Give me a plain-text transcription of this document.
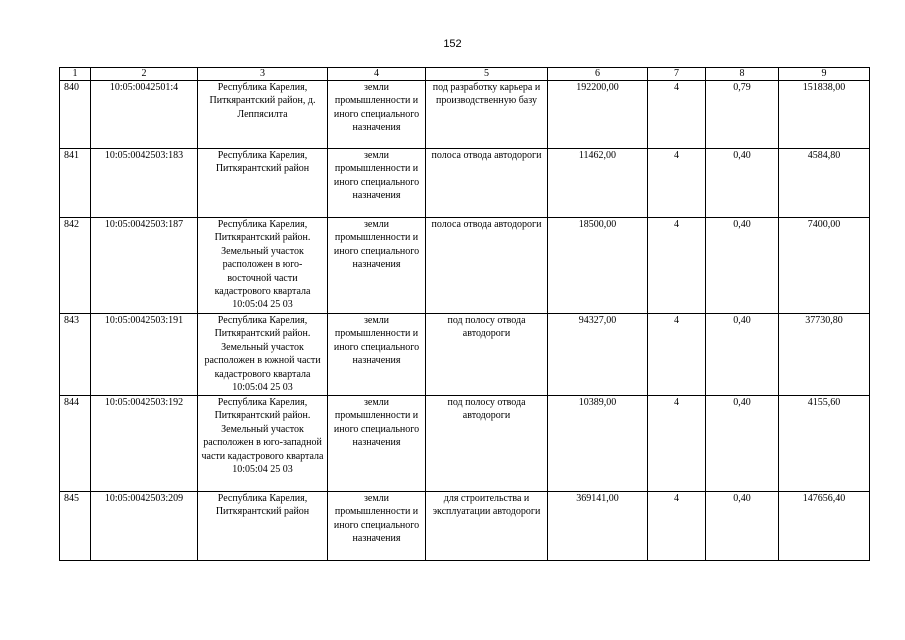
152
1	2	3	4	5	6	7	8	9
840	10:05:0042501:4	Республика Карелия, Питкярантский район, д. Леппясилта	земли промышленности и иного специального назначения	под разработку карьера и производственную базу	192200,00	4	0,79	151838,00
841	10:05:0042503:183	Республика Карелия, Питкярантский район	земли промышленности и иного специального назначения	полоса отвода автодороги	11462,00	4	0,40	4584,80
842	10:05:0042503:187	Республика Карелия, Питкярантский район. Земельный участок расположен в юго-восточной части кадастрового квартала 10:05:04 25 03	земли промышленности и иного специального назначения	полоса отвода автодороги	18500,00	4	0,40	7400,00
843	10:05:0042503:191	Республика Карелия, Питкярантский район. Земельный участок расположен в южной части кадастрового квартала 10:05:04 25 03	земли промышленности и иного специального назначения	под полосу отвода автодороги	94327,00	4	0,40	37730,80
844	10:05:0042503:192	Республика Карелия, Питкярантский район. Земельный участок расположен в юго-западной части кадастрового квартала 10:05:04 25 03	земли промышленности и иного специального назначения	под полосу отвода автодороги	10389,00	4	0,40	4155,60
845	10:05:0042503:209	Республика Карелия, Питкярантский район	земли промышленности и иного специального назначения	для строительства и эксплуатации автодороги	369141,00	4	0,40	147656,40
